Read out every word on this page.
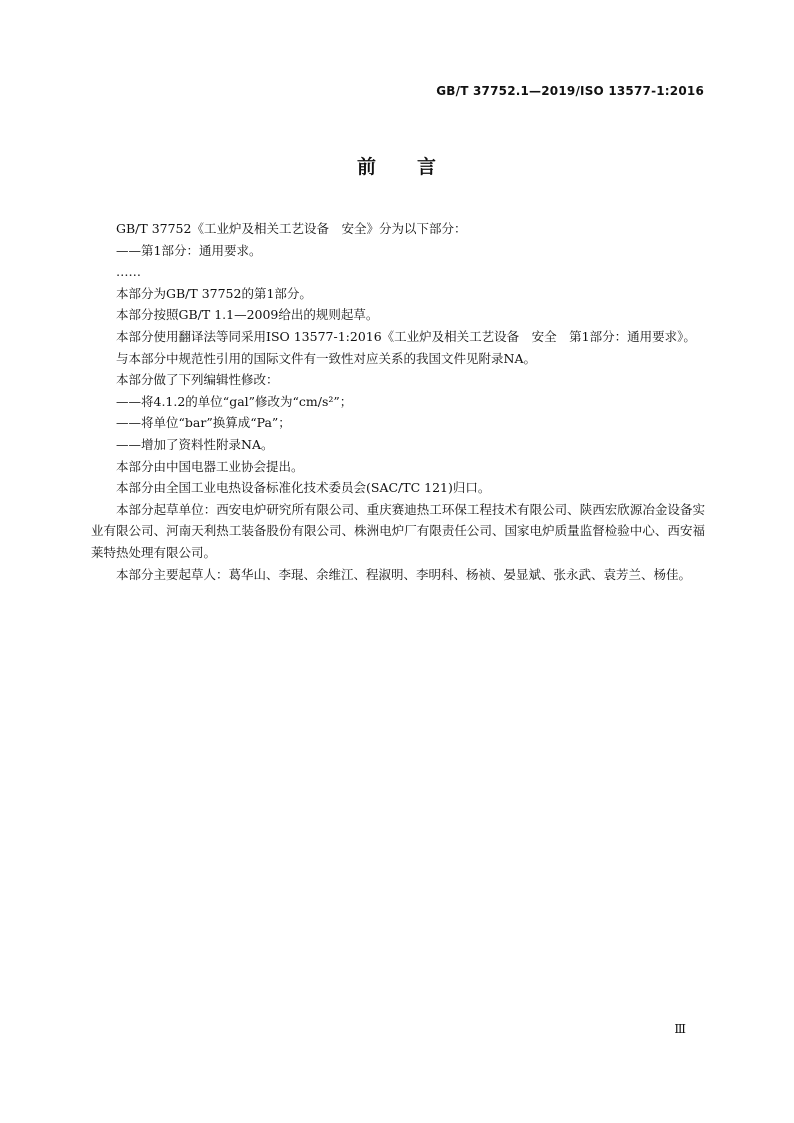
GB/T 37752.1—2019/ISO 13577-1:2016
前 言

GB/T 37752《工业炉及相关工艺设备　安全》分为以下部分：

——第1部分：通用要求。

……

本部分为GB/T 37752的第1部分。

本部分按照GB/T 1.1—2009给出的规则起草。

本部分使用翻译法等同采用ISO 13577-1:2016《工业炉及相关工艺设备　安全　第1部分：通用要求》。

与本部分中规范性引用的国际文件有一致性对应关系的我国文件见附录NA。

本部分做了下列编辑性修改：

——将4.1.2的单位“gal”修改为“cm/s²”；

——将单位“bar”换算成“Pa”；

——增加了资料性附录NA。

本部分由中国电器工业协会提出。

本部分由全国工业电热设备标准化技术委员会(SAC/TC 121)归口。

本部分起草单位：西安电炉研究所有限公司、重庆赛迪热工环保工程技术有限公司、陕西宏欣源冶金设备实业有限公司、河南天利热工装备股份有限公司、株洲电炉厂有限责任公司、国家电炉质量监督检验中心、西安福莱特热处理有限公司。

本部分主要起草人：葛华山、李琨、余维江、程淑明、李明科、杨祯、晏显斌、张永武、袁芳兰、杨佳。

Ⅲ
